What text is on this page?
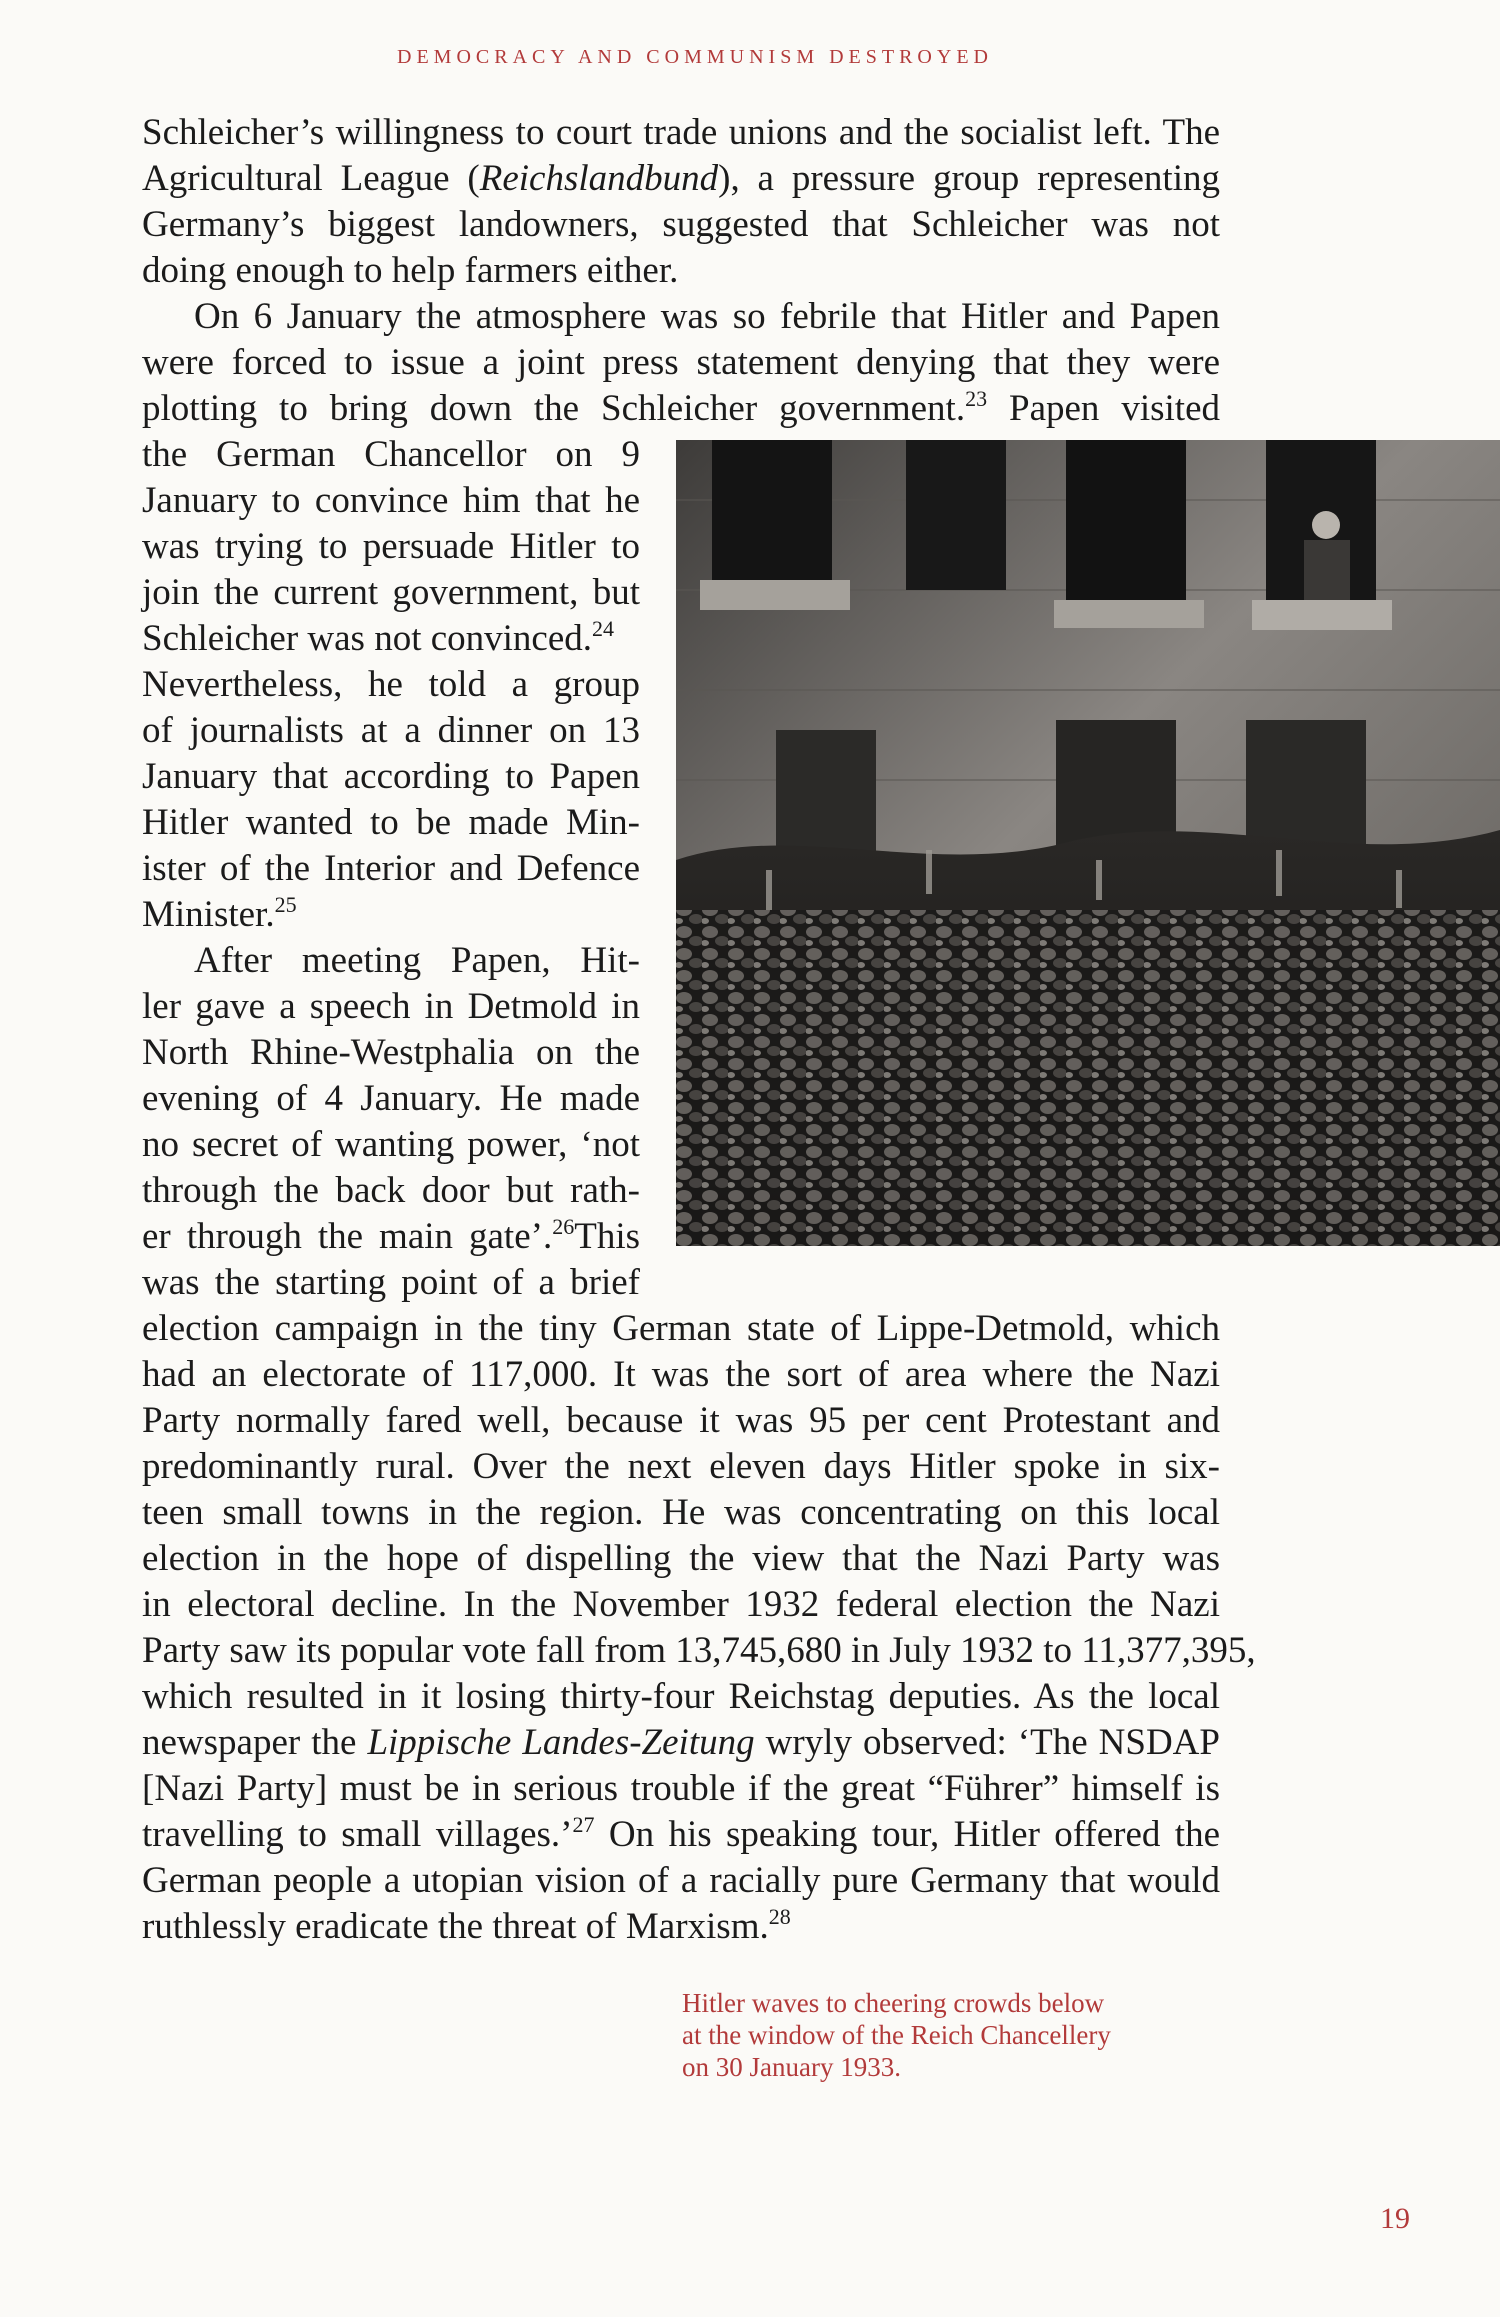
DEMOCRACY AND COMMUNISM DESTROYED

Schleicher’s willingness to court trade unions and the socialist left. The
Agricultural League (Reichslandbund), a pressure group representing
Germany’s biggest landowners, suggested that Schleicher was not
doing enough to help farmers either.

On 6 January the atmosphere was so febrile that Hitler and Papen
were forced to issue a joint press statement denying that they were
plotting to bring down the Schleicher government.$^{23}$ Papen visited

the German Chancellor on 9
January to convince him that he
was trying to persuade Hitler to
join the current government, but
Schleicher was not convinced.$^{24}$
Nevertheless, he told a group
of journalists at a dinner on 13
January that according to Papen
Hitler wanted to be made Min-
ister of the Interior and Defence
Minister.$^{25}$

After meeting Papen, Hit-
ler gave a speech in Detmold in
North Rhine-Westphalia on the
evening of 4 January. He made
no secret of wanting power, ‘not
through the back door but rath-
er through the main gate’.$^{26}$This
was the starting point of a brief

election campaign in the tiny German state of Lippe-Detmold, which
had an electorate of 117,000. It was the sort of area where the Nazi
Party normally fared well, because it was 95 per cent Protestant and
predominantly rural. Over the next eleven days Hitler spoke in six-
teen small towns in the region. He was concentrating on this local
election in the hope of dispelling the view that the Nazi Party was
in electoral decline. In the November 1932 federal election the Nazi
Party saw its popular vote fall from 13,745,680 in July 1932 to 11,377,395,
which resulted in it losing thirty-four Reichstag deputies. As the local
newspaper the Lippische Landes-Zeitung wryly observed: ‘The NSDAP
[Nazi Party] must be in serious trouble if the great “Führer” himself is
travelling to small villages.’$^{27}$ On his speaking tour, Hitler offered the
German people a utopian vision of a racially pure Germany that would
ruthlessly eradicate the threat of Marxism.$^{28}$

Hitler waves to cheering crowds below
at the window of the Reich Chancellery
on 30 January 1933.
19
